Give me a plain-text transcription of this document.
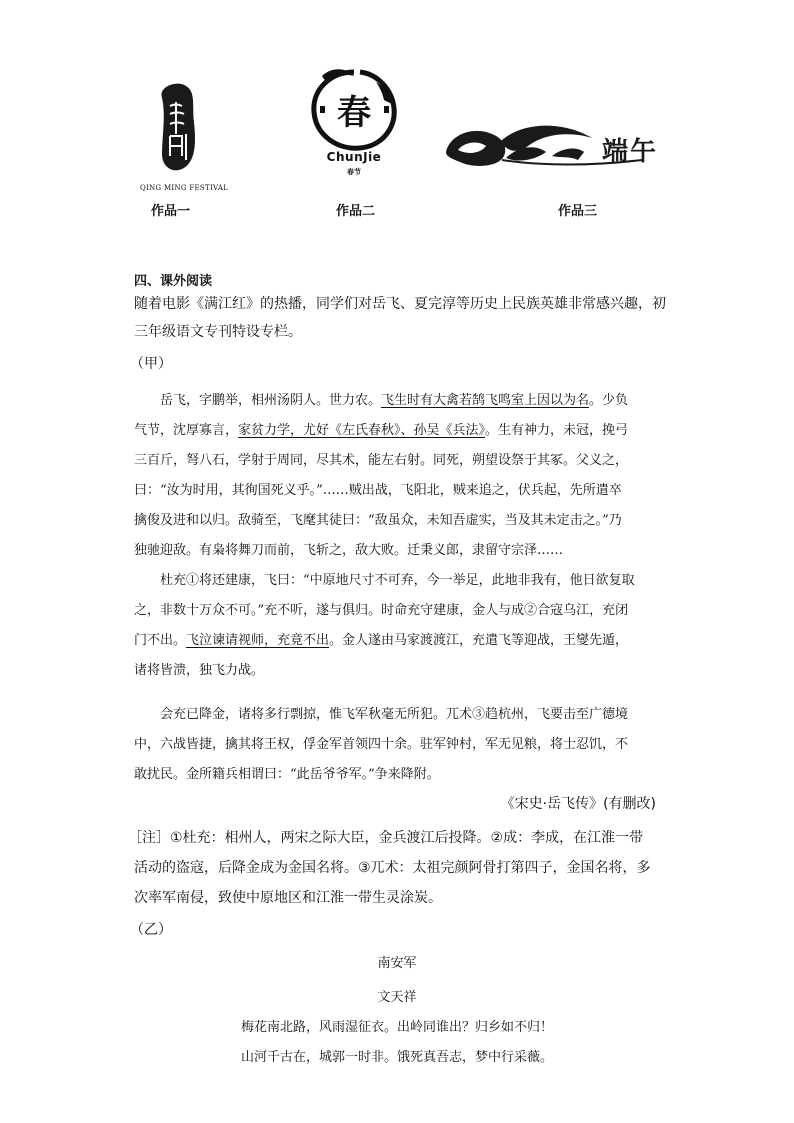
QING MING FESTIVAL
作品一
春
ChunJie
春节
作品二
端午
作品三
四、课外阅读
随着电影《满江红》的热播，同学们对岳飞、夏完淳等历史上民族英雄非常感兴趣，初
三年级语文专刊特设专栏。
（甲）

　　岳飞，字鹏举，相州汤阴人。世力农。飞生时有大禽若鹄飞鸣室上因以为名。少负

气节，沈厚寡言，家贫力学，尤好《左氏春秋》、孙吴《兵法》。生有神力，未冠，挽弓

三百斤，弩八石，学射于周同，尽其术，能左右射。同死，朔望设祭于其冢。父义之，

曰：“汝为时用，其徇国死义乎。”……贼出战，飞阳北，贼来追之，伏兵起，先所遣卒

擒俊及进和以归。敌骑至，飞麾其徒曰：“敌虽众，未知吾虚实，当及其未定击之。”乃

独驰迎敌。有枭将舞刀而前，飞斩之，敌大败。迁秉义郎，隶留守宗泽……

　　杜充①将还建康，飞曰：“中原地尺寸不可弃，今一举足，此地非我有，他日欲复取

之，非数十万众不可。”充不听，遂与俱归。时命充守建康，金人与成②合寇乌江，充闭

门不出。飞泣谏请视师，充竟不出。金人遂由马家渡渡江，充遣飞等迎战，王燮先遁，

诸将皆溃，独飞力战。

　　会充已降金，诸将多行剽掠，惟飞军秋毫无所犯。兀术③趋杭州，飞要击至广德境

中，六战皆捷，擒其将王权，俘金军首领四十余。驻军钟村，军无见粮，将士忍饥，不

敢扰民。金所籍兵相谓曰：“此岳爷爷军。”争来降附。

《宋史·岳飞传》(有删改)
［注］①杜充：相州人，两宋之际大臣，金兵渡江后投降。②成：李成，在江淮一带
活动的盗寇，后降金成为金国名将。③兀术：太祖完颜阿骨打第四子，金国名将，多
次率军南侵，致使中原地区和江淮一带生灵涂炭。
（乙）
南安军
文天祥
梅花南北路，风雨湿征衣。出岭同谁出？归乡如不归！
山河千古在，城郭一时非。饿死真吾志，梦中行采薇。
